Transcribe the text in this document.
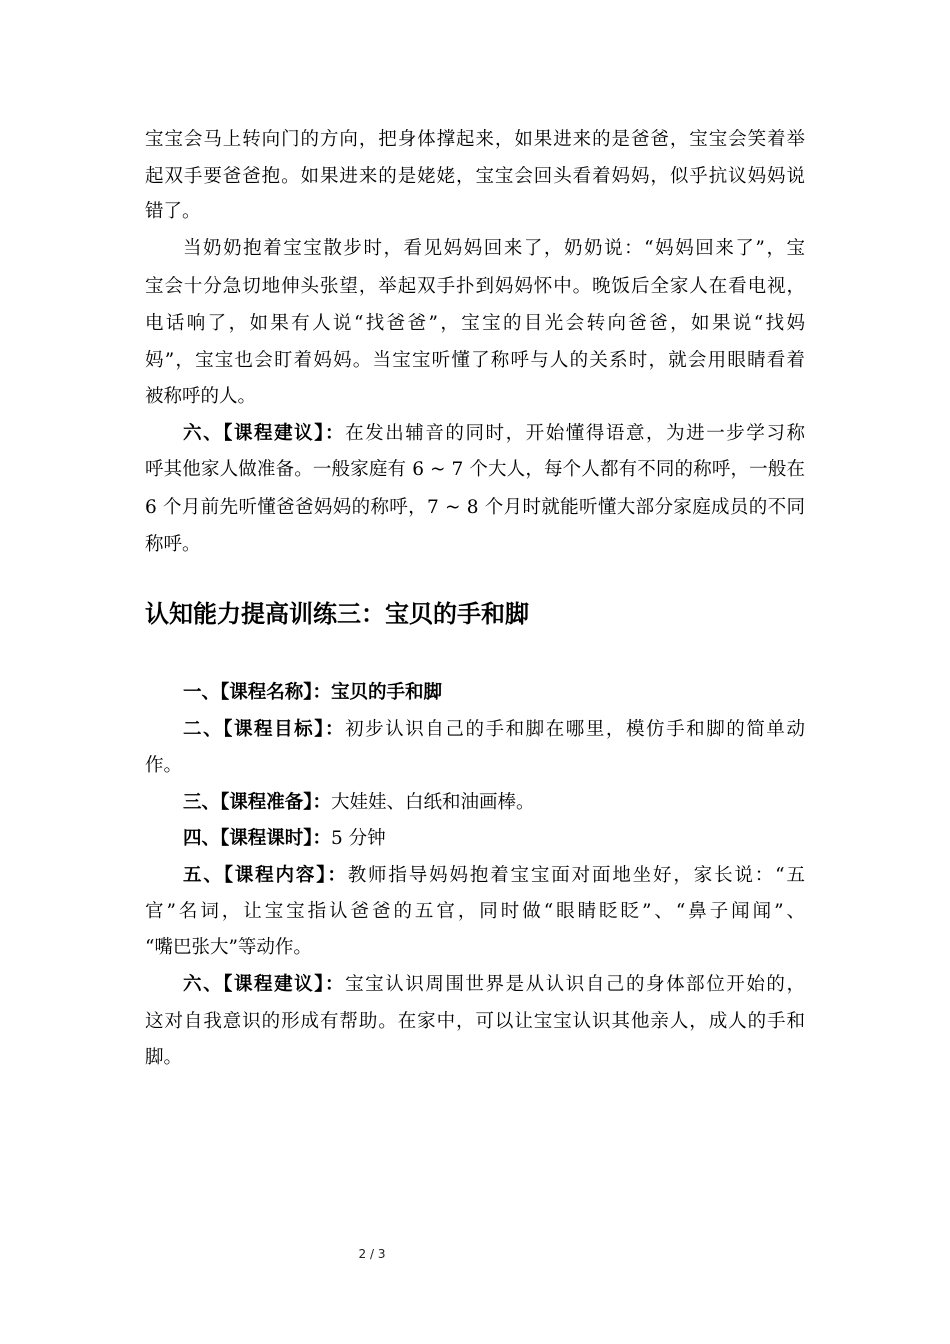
宝宝会马上转向门的方向，把身体撑起来，如果进来的是爸爸，宝宝会笑着举
起双手要爸爸抱。如果进来的是姥姥，宝宝会回头看着妈妈，似乎抗议妈妈说
错了。
当奶奶抱着宝宝散步时，看见妈妈回来了，奶奶说：“妈妈回来了”，宝
宝会十分急切地伸头张望，举起双手扑到妈妈怀中。晚饭后全家人在看电视，
电话响了，如果有人说“找爸爸”，宝宝的目光会转向爸爸，如果说“找妈
妈”，宝宝也会盯着妈妈。当宝宝听懂了称呼与人的关系时，就会用眼睛看着
被称呼的人。
六、【课程建议】：在发出辅音的同时，开始懂得语意，为进一步学习称
呼其他家人做准备。一般家庭有 6 ~ 7 个大人，每个人都有不同的称呼，一般在
6 个月前先听懂爸爸妈妈的称呼，7 ~ 8 个月时就能听懂大部分家庭成员的不同
称呼。
认知能力提高训练三：宝贝的手和脚
一、【课程名称】：宝贝的手和脚
二、【课程目标】：初步认识自己的手和脚在哪里，模仿手和脚的简单动
作。
三、【课程准备】：大娃娃、白纸和油画棒。
四、【课程课时】：5 分钟
五、【课程内容】：教师指导妈妈抱着宝宝面对面地坐好，家长说：“五
官”名词，让宝宝指认爸爸的五官，同时做“眼睛眨眨”、“鼻子闻闻”、
“嘴巴张大”等动作。
六、【课程建议】：宝宝认识周围世界是从认识自己的身体部位开始的，
这对自我意识的形成有帮助。在家中，可以让宝宝认识其他亲人，成人的手和
脚。
2 / 3
